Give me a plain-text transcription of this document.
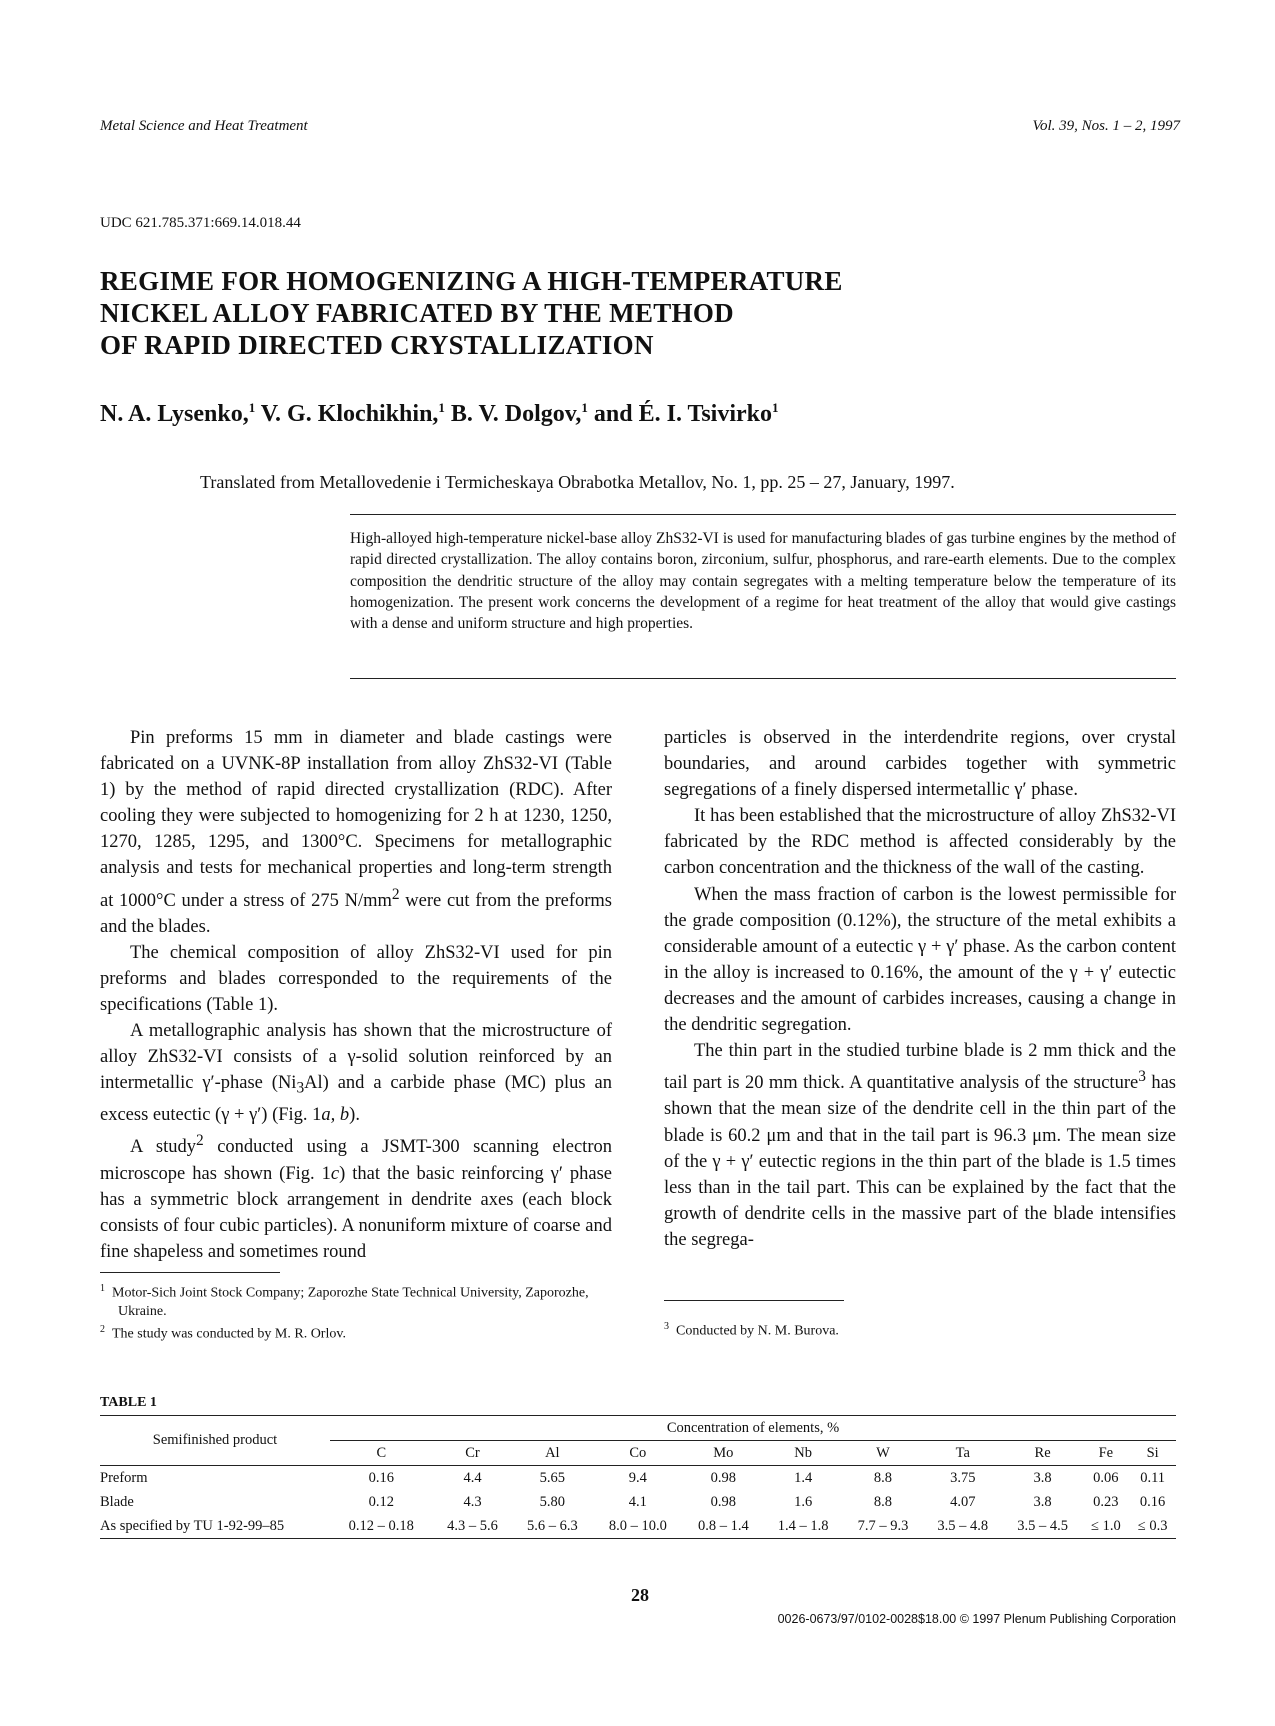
Metal Science and Heat Treatment	Vol. 39, Nos. 1 – 2, 1997
UDC 621.785.371:669.14.018.44
REGIME FOR HOMOGENIZING A HIGH-TEMPERATURE
NICKEL ALLOY FABRICATED BY THE METHOD
OF RAPID DIRECTED CRYSTALLIZATION
N. A. Lysenko,$^1$ V. G. Klochikhin,$^1$ B. V. Dolgov,$^1$ and É. I. Tsivirko$^1$
Translated from Metallovedenie i Termicheskaya Obrabotka Metallov, No. 1, pp. 25 – 27, January, 1997.
High-alloyed high-temperature nickel-base alloy ZhS32-VI is used for manufacturing blades of gas turbine engines by the method of rapid directed crystallization. The alloy contains boron, zirconium, sulfur, phosphorus, and rare-earth elements. Due to the complex composition the dendritic structure of the alloy may contain segregates with a melting temperature below the temperature of its homogenization. The present work concerns the development of a regime for heat treatment of the alloy that would give castings with a dense and uniform structure and high properties.

Pin preforms 15 mm in diameter and blade castings were fabricated on a UVNK-8P installation from alloy ZhS32-VI (Table 1) by the method of rapid directed crystallization (RDC). After cooling they were subjected to homogenizing for 2 h at 1230, 1250, 1270, 1285, 1295, and 1300°C. Specimens for metallographic analysis and tests for mechanical properties and long-term strength at 1000°C under a stress of 275 $N/mm^2$ were cut from the preforms and the blades.

The chemical composition of alloy ZhS32-VI used for pin preforms and blades corresponded to the requirements of the specifications (Table 1).

A metallographic analysis has shown that the microstructure of alloy ZhS32-VI consists of a γ-solid solution reinforced by an intermetallic γ′-phase $(Ni_3Al)$ and a carbide phase (MC) plus an excess eutectic (γ + γ′) (Fig. 1a, b).

A study$^2$ conducted using a JSMT-300 scanning electron microscope has shown (Fig. 1c) that the basic reinforcing γ′ phase has a symmetric block arrangement in dendrite axes (each block consists of four cubic particles). A nonuniform mixture of coarse and fine shapeless and sometimes round

$^1$ Motor-Sich Joint Stock Company; Zaporozhe State Technical University, Zaporozhe, Ukraine.
$^2$ The study was conducted by M. R. Orlov.

particles is observed in the interdendrite regions, over crystal boundaries, and around carbides together with symmetric segregations of a finely dispersed intermetallic γ′ phase.

It has been established that the microstructure of alloy ZhS32-VI fabricated by the RDC method is affected considerably by the carbon concentration and the thickness of the wall of the casting.

When the mass fraction of carbon is the lowest permissible for the grade composition (0.12%), the structure of the metal exhibits a considerable amount of a eutectic γ + γ′ phase. As the carbon content in the alloy is increased to 0.16%, the amount of the γ + γ′ eutectic decreases and the amount of carbides increases, causing a change in the dendritic segregation.

The thin part in the studied turbine blade is 2 mm thick and the tail part is 20 mm thick. A quantitative analysis of the structure$^3$ has shown that the mean size of the dendrite cell in the thin part of the blade is 60.2 μm and that in the tail part is 96.3 μm. The mean size of the γ + γ′ eutectic regions in the thin part of the blade is 1.5 times less than in the tail part. This can be explained by the fact that the growth of dendrite cells in the massive part of the blade intensifies the segrega-

$^3$ Conducted by N. M. Burova.
TABLE 1
Semifinished product	Concentration of elements, %										
	C	Cr	Al	Co	Mo	Nb	W	Ta	Re	Fe	Si
Preform	0.16	4.4	5.65	9.4	0.98	1.4	8.8	3.75	3.8	0.06	0.11
Blade	0.12	4.3	5.80	4.1	0.98	1.6	8.8	4.07	3.8	0.23	0.16
As specified by TU 1-92-99–85	0.12 – 0.18	4.3 – 5.6	5.6 – 6.3	8.0 – 10.0	0.8 – 1.4	1.4 – 1.8	7.7 – 9.3	3.5 – 4.8	3.5 – 4.5	≤ 1.0	≤ 0.3
28
0026-0673/97/0102-0028$18.00 © 1997 Plenum Publishing Corporation
